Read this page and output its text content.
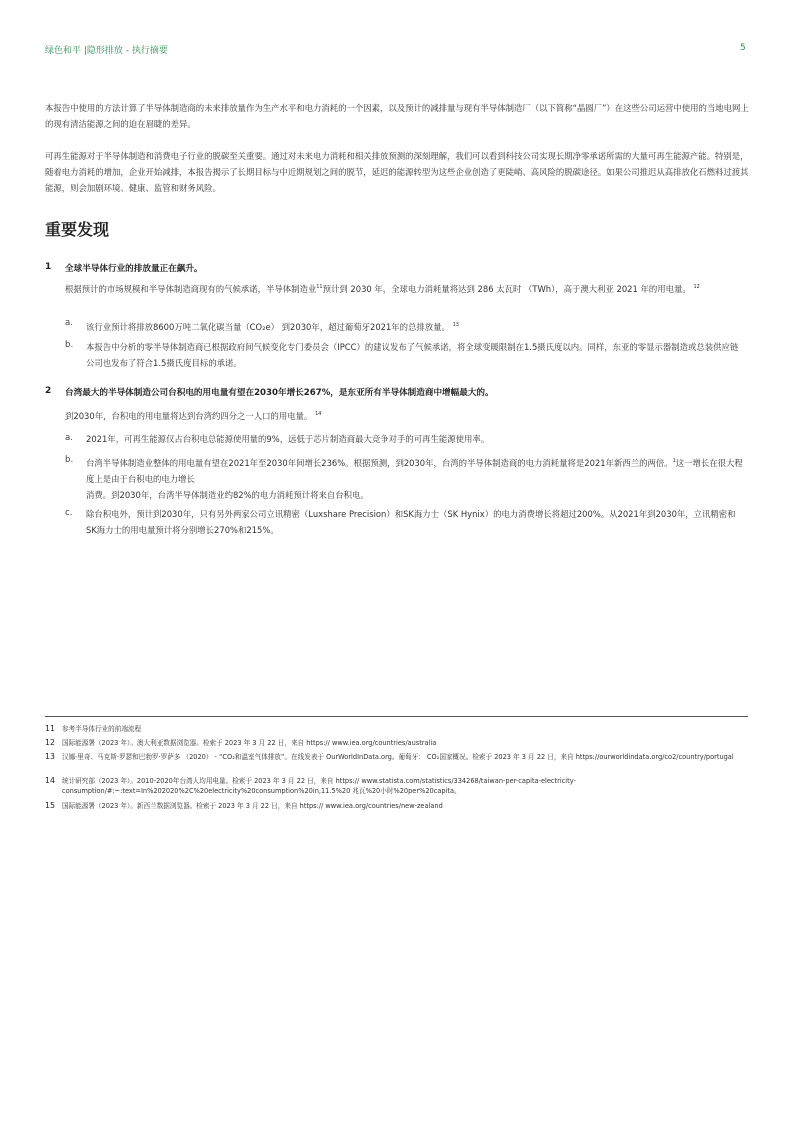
绿色和平 |隐形排放 - 执行摘要	5

本报告中使用的方法计算了半导体制造商的未来排放量作为生产水平和电力消耗的一个因素，以及预计的减排量与现有半导体制造厂（以下简称“晶圆厂”）在这些公司运营中使用的当地电网上的现有清洁能源之间的迫在眉睫的差异。

可再生能源对于半导体制造和消费电子行业的脱碳至关重要。通过对未来电力消耗和相关排放预测的深刻理解，我们可以看到科技公司实现长期净零承诺所需的大量可再生能源产能。特别是，随着电力消耗的增加，企业开始减排，本报告揭示了长期目标与中近期规划之间的脱节，延迟的能源转型为这些企业创造了更陡峭、高风险的脱碳途径。如果公司推迟从高排放化石燃料过渡其能源，则会加剧环境、健康、监管和财务风险。

重要发现
1 全球半导体行业的排放量正在飙升。

根据预计的市场规模和半导体制造商现有的气候承诺，半导体制造业$^{11}$预计到 2030 年，全球电力消耗量将达到 286 太瓦时 （TWh），高于澳大利亚 2021 年的用电量。 $^{12}$

a. 该行业预计将排放8600万吨二氧化碳当量（CO₂e） 到2030年，超过葡萄牙2021年的总排放量。 $^{13}$

b. 本报告中分析的零半导体制造商已根据政府间气候变化专门委员会（IPCC）的建议发布了气候承诺，将全球变暖限制在1.5摄氏度以内。同样，东亚的零显示器制造或总装供应链公司也发布了符合1.5摄氏度目标的承诺。

2 台湾最大的半导体制造公司台积电的用电量有望在2030年增长267%，是东亚所有半导体制造商中增幅最大的。

到2030年，台积电的用电量将达到台湾约四分之一人口的用电量。 $^{14}$

a. 2021年，可再生能源仅占台积电总能源使用量的9%，远低于芯片制造商最大竞争对手的可再生能源使用率。

b. 台湾半导体制造业整体的用电量有望在2021年至2030年间增长236%。根据预测，到2030年，台湾的半导体制造商的电力消耗量将是2021年新西兰的两倍。$^1$这一增长在很大程度上是由于台积电的电力增长
消费。到2030年，台湾半导体制造业约82%的电力消耗预计将来自台积电。

c. 除台积电外，预计到2030年，只有另外两家公司立讯精密（Luxshare Precision）和SK海力士（SK Hynix）的电力消费增长将超过200%。从2021年到2030年，立讯精密和SK海力士的用电量预计将分别增长270%和215%。

11 参考半导体行业的前端流程
12 国际能源署（2023 年）。澳大利亚数据浏览器。检索于 2023 年 3 月 22 日，来自 https:// www.iea.org/countries/australia
13 汉娜·里奇、马克斯·罗瑟和巴勃罗·罗萨多 （2020） - “CO₂和温室气体排放”。在线发表于 OurWorldInData.org。葡萄牙： CO₂国家概况。检索于 2023 年 3 月 22 日，来自 https://ourworldindata.org/co2/country/portugal
14 统计研究部（2023 年）。2010-2020年台湾人均用电量。检索于 2023 年 3 月 22 日，来自 https:// www.statista.com/statistics/334268/taiwan-per-capita-electricity-consumption/#:~:text=In%202020%2C%20electricity%20consumption%20in,11.5%20 兆瓦%20小时%20per%20capita。
15 国际能源署（2023 年）。新西兰数据浏览器。检索于 2023 年 3 月 22 日，来自 https:// www.iea.org/countries/new-zealand
